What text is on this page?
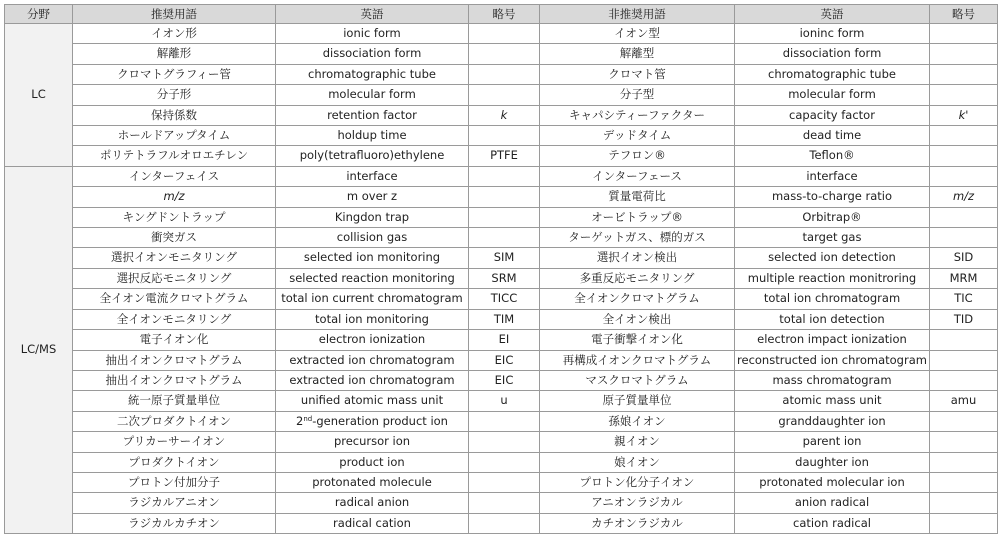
分野	推奨用語	英語	略号	非推奨用語	英語	略号
LC	イオン形	ionic form		イオン型	ioninc form	
	解離形	dissociation form		解離型	dissociation form	
	クロマトグラフィー管	chromatographic tube		クロマト管	chromatographic tube	
	分子形	molecular form		分子型	molecular form	
	保持係数	retention factor	k	キャパシティーファクター	capacity factor	k'
	ホールドアップタイム	holdup time		デッドタイム	dead time	
	ポリテトラフルオロエチレン	poly(tetrafluoro)ethylene	PTFE	テフロン®	Teflon®	
LC/MS	インターフェイス	interface		インターフェース	interface	
	m/z	m over z		質量電荷比	mass-to-charge ratio	m/z
	キングドントラップ	Kingdon trap		オービトラップ®	Orbitrap®	
	衝突ガス	collision gas		ターゲットガス、標的ガス	target gas	
	選択イオンモニタリング	selected ion monitoring	SIM	選択イオン検出	selected ion detection	SID
	選択反応モニタリング	selected reaction monitoring	SRM	多重反応モニタリング	multiple reaction monitroring	MRM
	全イオン電流クロマトグラム	total ion current chromatogram	TICC	全イオンクロマトグラム	total ion chromatogram	TIC
	全イオンモニタリング	total ion monitoring	TIM	全イオン検出	total ion detection	TID
	電子イオン化	electron ionization	EI	電子衝撃イオン化	electron impact ionization	
	抽出イオンクロマトグラム	extracted ion chromatogram	EIC	再構成イオンクロマトグラム	reconstructed ion chromatogram	
	抽出イオンクロマトグラム	extracted ion chromatogram	EIC	マスクロマトグラム	mass chromatogram	
	統一原子質量単位	unified atomic mass unit	u	原子質量単位	atomic mass unit	amu
	二次プロダクトイオン	2nd-generation product ion		孫娘イオン	granddaughter ion	
	プリカーサーイオン	precursor ion		親イオン	parent ion	
	プロダクトイオン	product ion		娘イオン	daughter ion	
	プロトン付加分子	protonated molecule		プロトン化分子イオン	protonated molecular ion	
	ラジカルアニオン	radical anion		アニオンラジカル	anion radical	
	ラジカルカチオン	radical cation		カチオンラジカル	cation radical	
